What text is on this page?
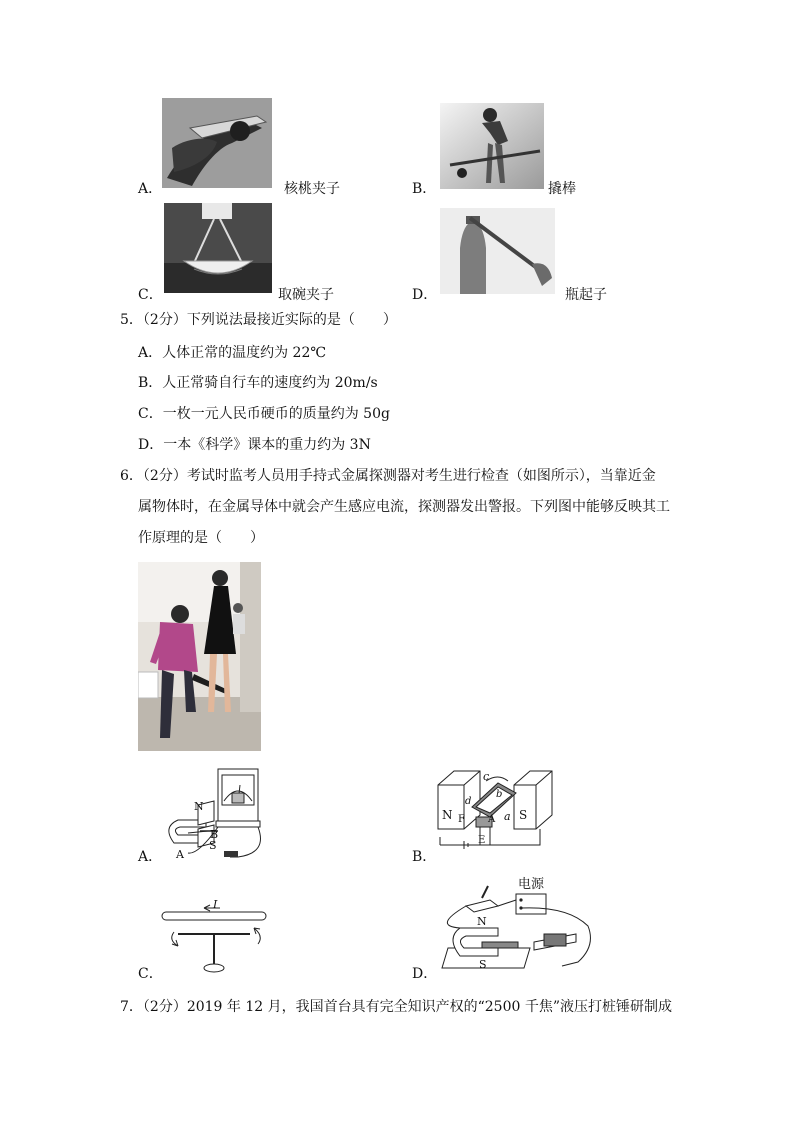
A．	核桃夹子	B．	撬棒
C．	取碗夹子	D．	瓶起子
5．（2分）下列说法最接近实际的是（　　）
A．人体正常的温度约为 22℃
B．人正常骑自行车的速度约为 20m/s
C．一枚一元人民币硬币的质量约为 50g
D．一本《科学》课本的重力约为 3N
6．（2分）考试时监考人员用手持式金属探测器对考生进行检查（如图所示），当靠近金
属物体时，在金属导体中就会产生感应电流，探测器发出警报。下列图中能够反映其工
作原理的是（　　）
N
B
S
A
A．
N	S
c
d
b
a
F A
E
B．
I
C．
电源
N
S
D．
7．（2分）2019 年 12 月，我国首台具有完全知识产权的“2500 千焦”液压打桩锤研制成
